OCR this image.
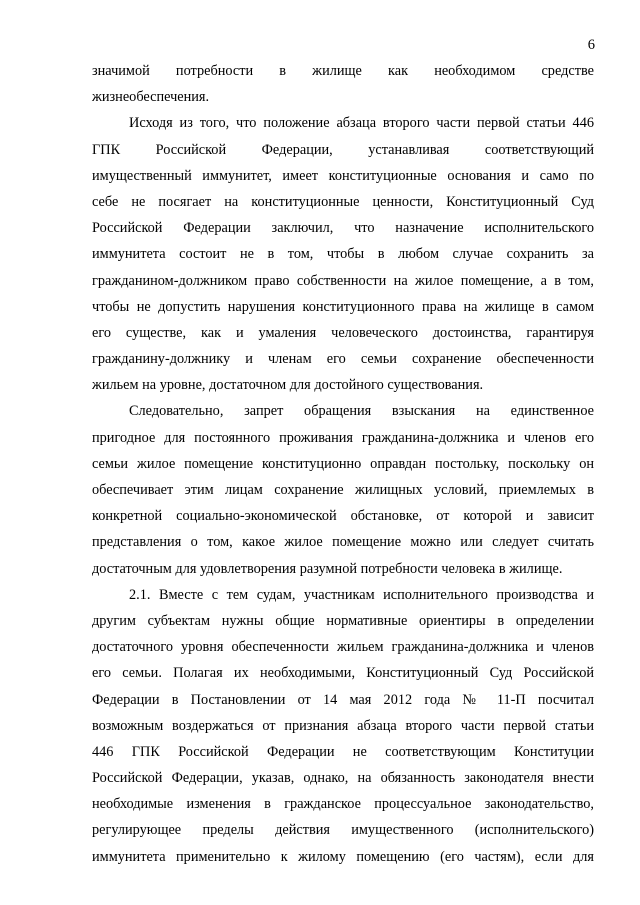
6
значимой потребности в жилище как необходимом средстве
жизнеобеспечения.
Исходя из того, что положение абзаца второго части первой статьи 446
ГПК Российской Федерации, устанавливая соответствующий
имущественный иммунитет, имеет конституционные основания и само по
себе не посягает на конституционные ценности, Конституционный Суд
Российской Федерации заключил, что назначение исполнительского
иммунитета состоит не в том, чтобы в любом случае сохранить за
гражданином-должником право собственности на жилое помещение, а в том,
чтобы не допустить нарушения конституционного права на жилище в самом
его существе, как и умаления человеческого достоинства, гарантируя
гражданину-должнику и членам его семьи сохранение обеспеченности
жильем на уровне, достаточном для достойного существования.
Следовательно, запрет обращения взыскания на единственное
пригодное для постоянного проживания гражданина-должника и членов его
семьи жилое помещение конституционно оправдан постольку, поскольку он
обеспечивает этим лицам сохранение жилищных условий, приемлемых в
конкретной социально-экономической обстановке, от которой и зависит
представления о том, какое жилое помещение можно или следует считать
достаточным для удовлетворения разумной потребности человека в жилище.
2.1. Вместе с тем судам, участникам исполнительного производства и
другим субъектам нужны общие нормативные ориентиры в определении
достаточного уровня обеспеченности жильем гражданина-должника и членов
его семьи. Полагая их необходимыми, Конституционный Суд Российской
Федерации в Постановлении от 14 мая 2012 года № 11-П посчитал
возможным воздержаться от признания абзаца второго части первой статьи
446 ГПК Российской Федерации не соответствующим Конституции
Российской Федерации, указав, однако, на обязанность законодателя внести
необходимые изменения в гражданское процессуальное законодательство,
регулирующее пределы действия имущественного (исполнительского)
иммунитета применительно к жилому помещению (его частям), если для
